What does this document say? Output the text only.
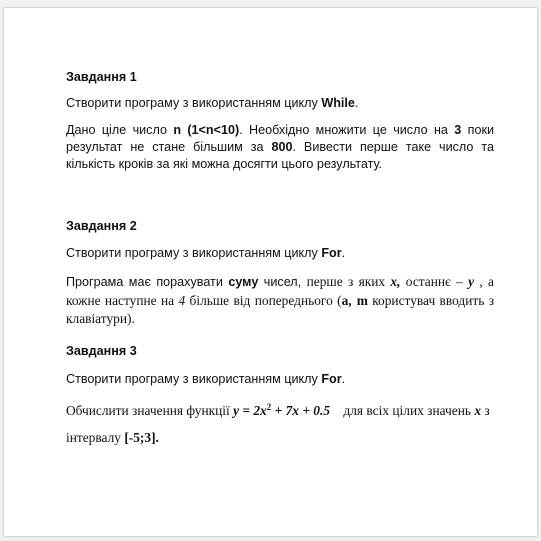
Завдання 1
Створити програму з використанням циклу While.

Дано ціле число n (1<n<10). Необхідно множити це число на 3 поки результат не стане більшим за 800. Вивести перше таке число та кількість кроків за які можна досягти цього результату.

Завдання 2
Створити програму з використанням циклу For.

Програма має порахувати суму чисел, перше з яких x, останнє – y , а кожне наступне на 4 більше від попереднього (a, m користувач вводить з клавіатури).

Завдання 3
Створити програму з використанням циклу For.

Обчислити значення функції $y = 2x^2 + 7x + 0.5$    для всіх цілих значень x з інтервалу [-5;3].
